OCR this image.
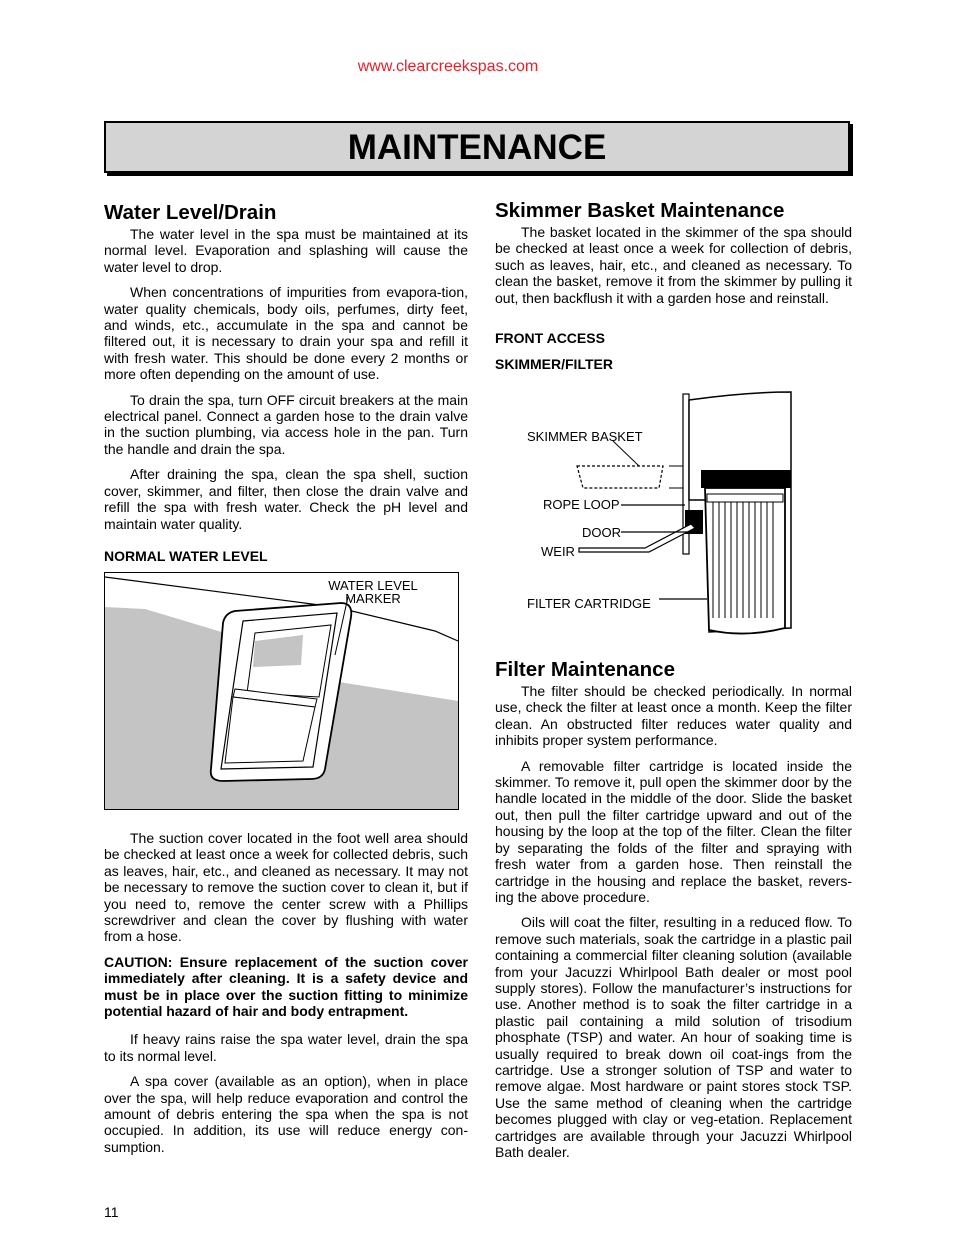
www.clearcreekspas.com
MAINTENANCE
Water Level/Drain

The water level in the spa must be maintained at its normal level. Evaporation and splashing will cause the water level to drop.

When concentrations of impurities from evapora-tion, water quality chemicals, body oils, perfumes, dirty feet, and winds, etc., accumulate in the spa and cannot be filtered out, it is necessary to drain your spa and refill it with fresh water. This should be done every 2 months or more often depending on the amount of use.

To drain the spa, turn OFF circuit breakers at the main electrical panel. Connect a garden hose to the drain valve in the suction plumbing, via access hole in the pan. Turn the handle and drain the spa.

After draining the spa, clean the spa shell, suction cover, skimmer, and filter, then close the drain valve and refill the spa with fresh water. Check the pH level and maintain water quality.

NORMAL WATER LEVEL

WATER LEVEL
MARKER

The suction cover located in the foot well area should be checked at least once a week for collected debris, such as leaves, hair, etc., and cleaned as necessary. It may not be necessary to remove the suction cover to clean it, but if you need to, remove the center screw with a Phillips screwdriver and clean the cover by flushing with water from a hose.

CAUTION: Ensure replacement of the suction cover immediately after cleaning. It is a safety device and must be in place over the suction fitting to minimize potential hazard of hair and body entrapment.

If heavy rains raise the spa water level, drain the spa to its normal level.

A spa cover (available as an option), when in place over the spa, will help reduce evaporation and control the amount of debris entering the spa when the spa is not occupied. In addition, its use will reduce energy con-sumption.

Skimmer Basket Maintenance

The basket located in the skimmer of the spa should be checked at least once a week for collection of debris, such as leaves, hair, etc., and cleaned as necessary. To clean the basket, remove it from the skimmer by pulling it out, then backflush it with a garden hose and reinstall.

FRONT ACCESS

SKIMMER/FILTER

SKIMMER BASKET
ROPE LOOP
DOOR
WEIR
FILTER CARTRIDGE
Filter Maintenance

The filter should be checked periodically. In normal use, check the filter at least once a month. Keep the filter clean. An obstructed filter reduces water quality and inhibits proper system performance.

A removable filter cartridge is located inside the skimmer. To remove it, pull open the skimmer door by the handle located in the middle of the door. Slide the basket out, then pull the filter cartridge upward and out of the housing by the loop at the top of the filter. Clean the filter by separating the folds of the filter and spraying with fresh water from a garden hose. Then reinstall the cartridge in the housing and replace the basket, revers-ing the above procedure.

Oils will coat the filter, resulting in a reduced flow. To remove such materials, soak the cartridge in a plastic pail containing a commercial filter cleaning solution (available from your Jacuzzi Whirlpool Bath dealer or most pool supply stores). Follow the manufacturer’s instructions for use. Another method is to soak the filter cartridge in a plastic pail containing a mild solution of trisodium phosphate (TSP) and water. An hour of soaking time is usually required to break down oil coat-ings from the cartridge. Use a stronger solution of TSP and water to remove algae. Most hardware or paint stores stock TSP. Use the same method of cleaning when the cartridge becomes plugged with clay or veg-etation. Replacement cartridges are available through your Jacuzzi Whirlpool Bath dealer.

11
